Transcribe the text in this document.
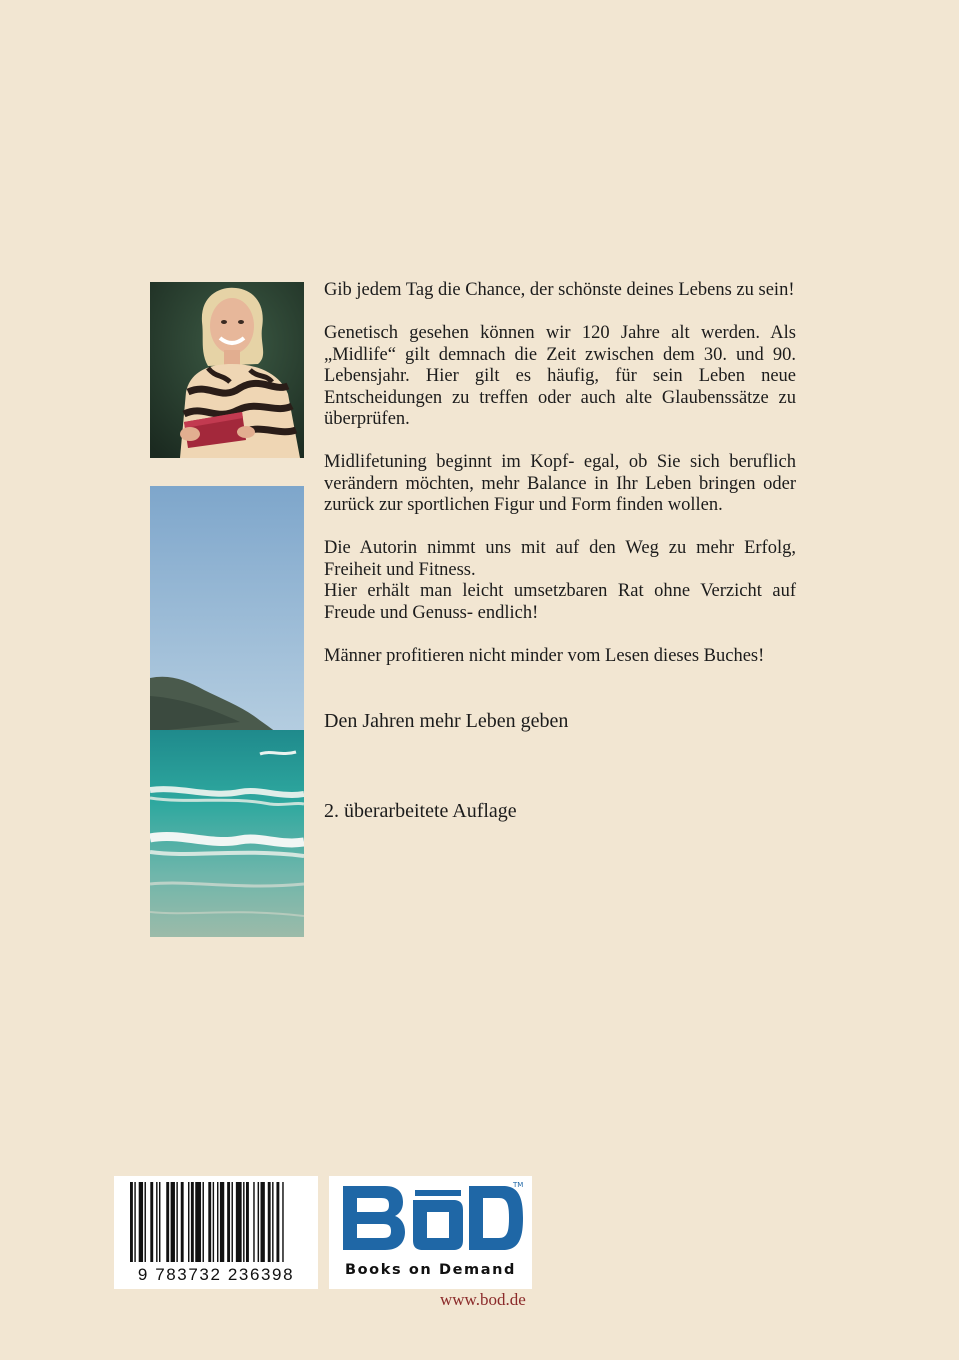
Gib jedem Tag die Chance, der schönste deines Lebens zu sein!

Genetisch gesehen können wir 120 Jahre alt werden. Als „Midlife“ gilt demnach die Zeit zwischen dem 30. und 90. Lebensjahr. Hier gilt es häufig, für sein Leben neue Entscheidungen zu treffen oder auch alte Glaubenssätze zu überprüfen.

Midlifetuning beginnt im Kopf- egal, ob Sie sich beruflich verändern möchten, mehr Balance in Ihr Leben bringen oder zurück zur sportlichen Figur und Form finden wollen.

Die Autorin nimmt uns mit auf den Weg zu mehr Erfolg, Freiheit und Fitness.

Hier erhält man leicht umsetzbaren Rat ohne Verzicht auf Freude und Genuss- endlich!

Männer profitieren nicht minder vom Lesen dieses Buches!

Den Jahren mehr Leben geben
2. überarbeitete Auflage
9 783732 236398
TM
Books on Demand
www.bod.de
